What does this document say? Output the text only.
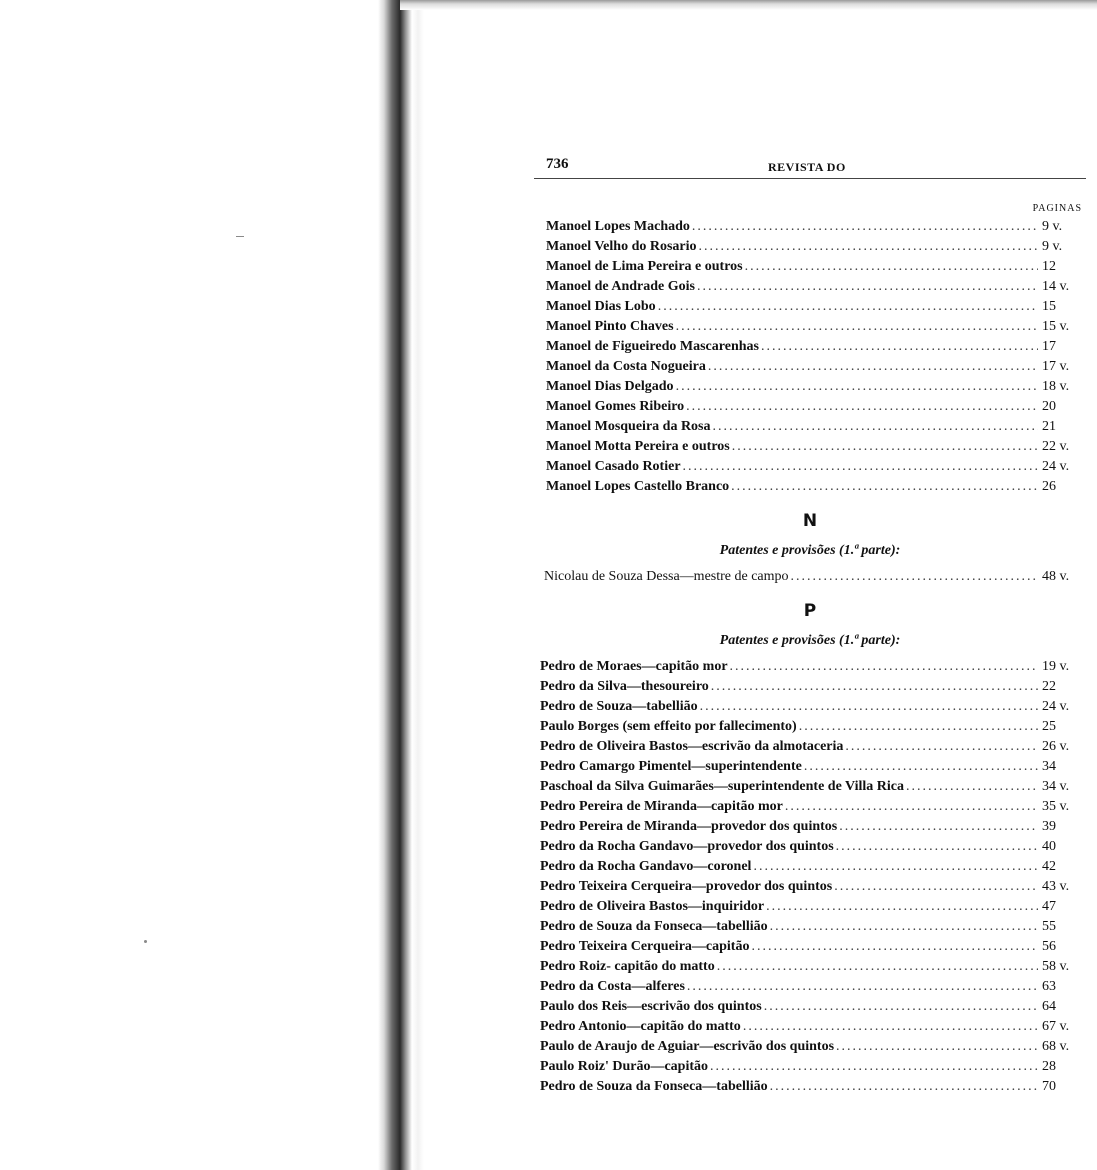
736	REVISTA DO
PAGINAS
Manoel Lopes Machado .....	9 v.
Manoel Velho do Rosario .....	9 v.
Manoel de Lima Pereira e outros .....	12
Manoel de Andrade Gois .....	14 v.
Manoel Dias Lobo .....	15
Manoel Pinto Chaves .....	15 v.
Manoel de Figueiredo Mascarenhas .....	17
Manoel da Costa Nogueira .....	17 v.
Manoel Dias Delgado .....	18 v.
Manoel Gomes Ribeiro .....	20
Manoel Mosqueira da Rosa .....	21
Manoel Motta Pereira e outros .....	22 v.
Manoel Casado Rotier .....	24 v.
Manoel Lopes Castello Branco .....	26
N
Patentes e provisões (1.ª parte):
Nicolau de Souza Dessa—mestre de campo .....	48 v.
P
Patentes e provisões (1.ª parte):
Pedro de Moraes—capitão mor .....	19 v.
Pedro da Silva—thesoureiro .....	22
Pedro de Souza—tabellião .....	24 v.
Paulo Borges (sem effeito por fallecimento) .....	25
Pedro de Oliveira Bastos—escrivão da almotaceria .....	26 v.
Pedro Camargo Pimentel—superintendente .....	34
Paschoal da Silva Guimarães—superintendente de Villa Rica .....	34 v.
Pedro Pereira de Miranda—capitão mor .....	35 v.
Pedro Pereira de Miranda—provedor dos quintos .....	39
Pedro da Rocha Gandavo—provedor dos quintos .....	40
Pedro da Rocha Gandavo—coronel .....	42
Pedro Teixeira Cerqueira—provedor dos quintos .....	43 v.
Pedro de Oliveira Bastos—inquiridor .....	47
Pedro de Souza da Fonseca—tabellião .....	55
Pedro Teixeira Cerqueira—capitão .....	56
Pedro Roiz- capitão do matto .....	58 v.
Pedro da Costa—alferes .....	63
Paulo dos Reis—escrivão dos quintos .....	64
Pedro Antonio—capitão do matto .....	67 v.
Paulo de Araujo de Aguiar—escrivão dos quintos .....	68 v.
Paulo Roiz' Durão—capitão .....	28
Pedro de Souza da Fonseca—tabellião .....	70
